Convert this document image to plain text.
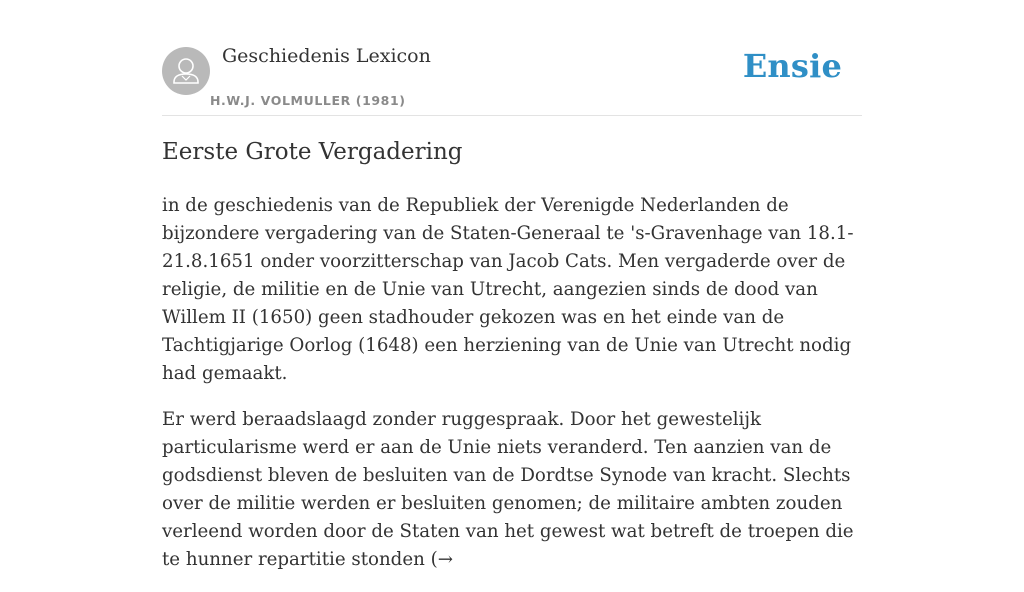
Geschiedenis Lexicon
H.W.J. VOLMULLER (1981)
Ensie
Eerste Grote Vergadering

in de geschiedenis van de Republiek der Verenigde Nederlanden de bijzondere vergadering van de Staten-Generaal te 's-Gravenhage van 18.1-21.8.1651 onder voorzitterschap van Jacob Cats. Men vergaderde over de religie, de militie en de Unie van Utrecht, aangezien sinds de dood van Willem II (1650) geen stadhouder gekozen was en het einde van de Tachtigjarige Oorlog (1648) een herziening van de Unie van Utrecht nodig had gemaakt.

Er werd beraadslaagd zonder ruggespraak. Door het gewestelijk particularisme werd er aan de Unie niets veranderd. Ten aanzien van de godsdienst bleven de besluiten van de Dordtse Synode van kracht. Slechts over de militie werden er besluiten genomen; de militaire ambten zouden verleend worden door de Staten van het gewest wat betreft de troepen die te hunner repartitie stonden (→
